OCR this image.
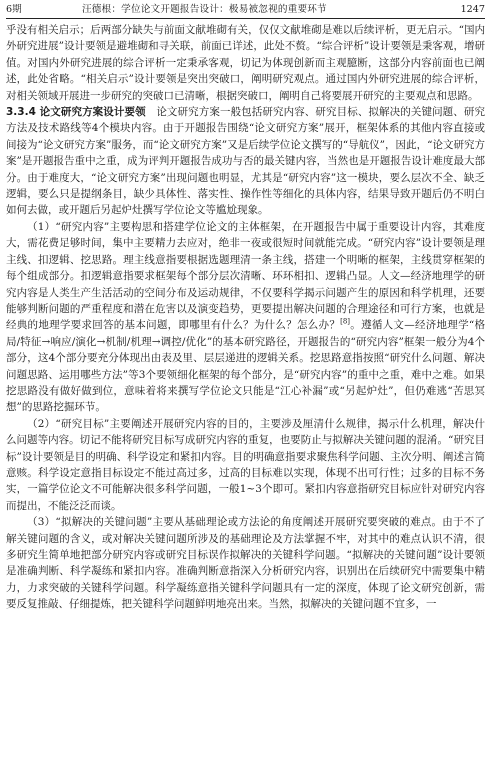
6期	汪德根：学位论文开题报告设计：极易被忽视的重要环节	1247

乎没有相关启示；后两部分缺失与前面文献堆砌有关，仅仅文献堆砌是难以后续评析，更无启示。“国内外研究进展”设计要领是避堆砌和寻关联，前面已详述，此处不赘。“综合评析”设计要领是秉客观，增研值。对国内外研究进展的综合评析一定秉承客观，切记为体现创新而主观臆断，这部分内容前面也已阐述，此处省略。“相关启示”设计要领是突出突破口，阐明研究观点。通过国内外研究进展的综合评析，对相关领域开展进一步研究的突破口已清晰，根据突破口，阐明自己将要展开研究的主要观点和思路。

3.3.4 论文研究方案设计要领  论文研究方案一般包括研究内容、研究目标、拟解决的关键问题、研究方法及技术路线等4个模块内容。由于开题报告围绕“论文研究方案”展开，框架体系的其他内容直接或间接为“论文研究方案”服务，而“论文研究方案”又是后续学位论文撰写的“导航仪”，因此，“论文研究方案”是开题报告重中之重，成为评判开题报告成功与否的最关键内容，当然也是开题报告设计难度最大部分。由于难度大，“论文研究方案”出现问题也明显，尤其是“研究内容”这一模块，要么层次不全、缺乏逻辑，要么只是提纲条目，缺少具体性、落实性、操作性等细化的具体内容，结果导致开题后仍不明白如何去做，或开题后另起炉灶撰写学位论文等尴尬现象。

（1）“研究内容”主要构思和搭建学位论文的主体框架，在开题报告中属于重要设计内容，其难度大，需花费足够时间，集中主要精力去应对，绝非一夜或很短时间就能完成。“研究内容”设计要领是理主线、扣逻辑、挖思路。理主线意指要根据选题理清一条主线，搭建一个明晰的框架，主线贯穿框架的每个组成部分。扣逻辑意指要求框架每个部分层次清晰、环环相扣、逻辑凸显。人文—经济地理学的研究内容是人类生产生活活动的空间分布及运动规律，不仅要科学揭示问题产生的原因和科学机理，还要能够判断问题的严重程度和潜在危害以及演变趋势，更要提出解决问题的合理途径和可行方案，也就是经典的地理学要求回答的基本问题，即哪里有什么？为什么？怎么办？[8]。遵循人文—经济地理学“格局/特征→响应/演化→机制/机理→调控/优化”的基本研究路径，开题报告的“研究内容”框架一般分为4个部分，这4个部分要充分体现出由表及里、层层递进的逻辑关系。挖思路意指按照“研究什么问题、解决问题思路、运用哪些方法”等3个要领细化框架的每个部分，是“研究内容”的重中之重，难中之难。如果挖思路没有做好做到位，意味着将来撰写学位论文只能是“江心补漏”或“另起炉灶”，但仍难逃“苦思冥想”的思路挖掘环节。

（2）“研究目标”主要阐述开展研究内容的目的，主要涉及厘清什么规律，揭示什么机理，解决什么问题等内容。切记不能将研究目标写成研究内容的重复，也要防止与拟解决关键问题的混淆。“研究目标”设计要领是目的明确、科学设定和紧扣内容。目的明确意指要求聚焦科学问题、主次分明、阐述言简意赅。科学设定意指目标设定不能过高过多，过高的目标难以实现，体现不出可行性；过多的目标不务实，一篇学位论文不可能解决很多科学问题，一般1~3个即可。紧扣内容意指研究目标应针对研究内容而提出，不能泛泛而谈。

（3）“拟解决的关键问题”主要从基础理论或方法论的角度阐述开展研究要突破的难点。由于不了解关键问题的含义，或对解决关键问题所涉及的基础理论及方法掌握不牢，对其中的难点认识不清，很多研究生简单地把部分研究内容或研究目标误作拟解决的关键科学问题。“拟解决的关键问题”设计要领是准确判断、科学凝练和紧扣内容。准确判断意指深入分析研究内容，识别出在后续研究中需要集中精力，力求突破的关键科学问题。科学凝练意指关键科学问题具有一定的深度，体现了论文研究创新，需要反复推敲、仔细提炼，把关键科学问题鲜明地亮出来。当然，拟解决的关键问题不宜多，一
